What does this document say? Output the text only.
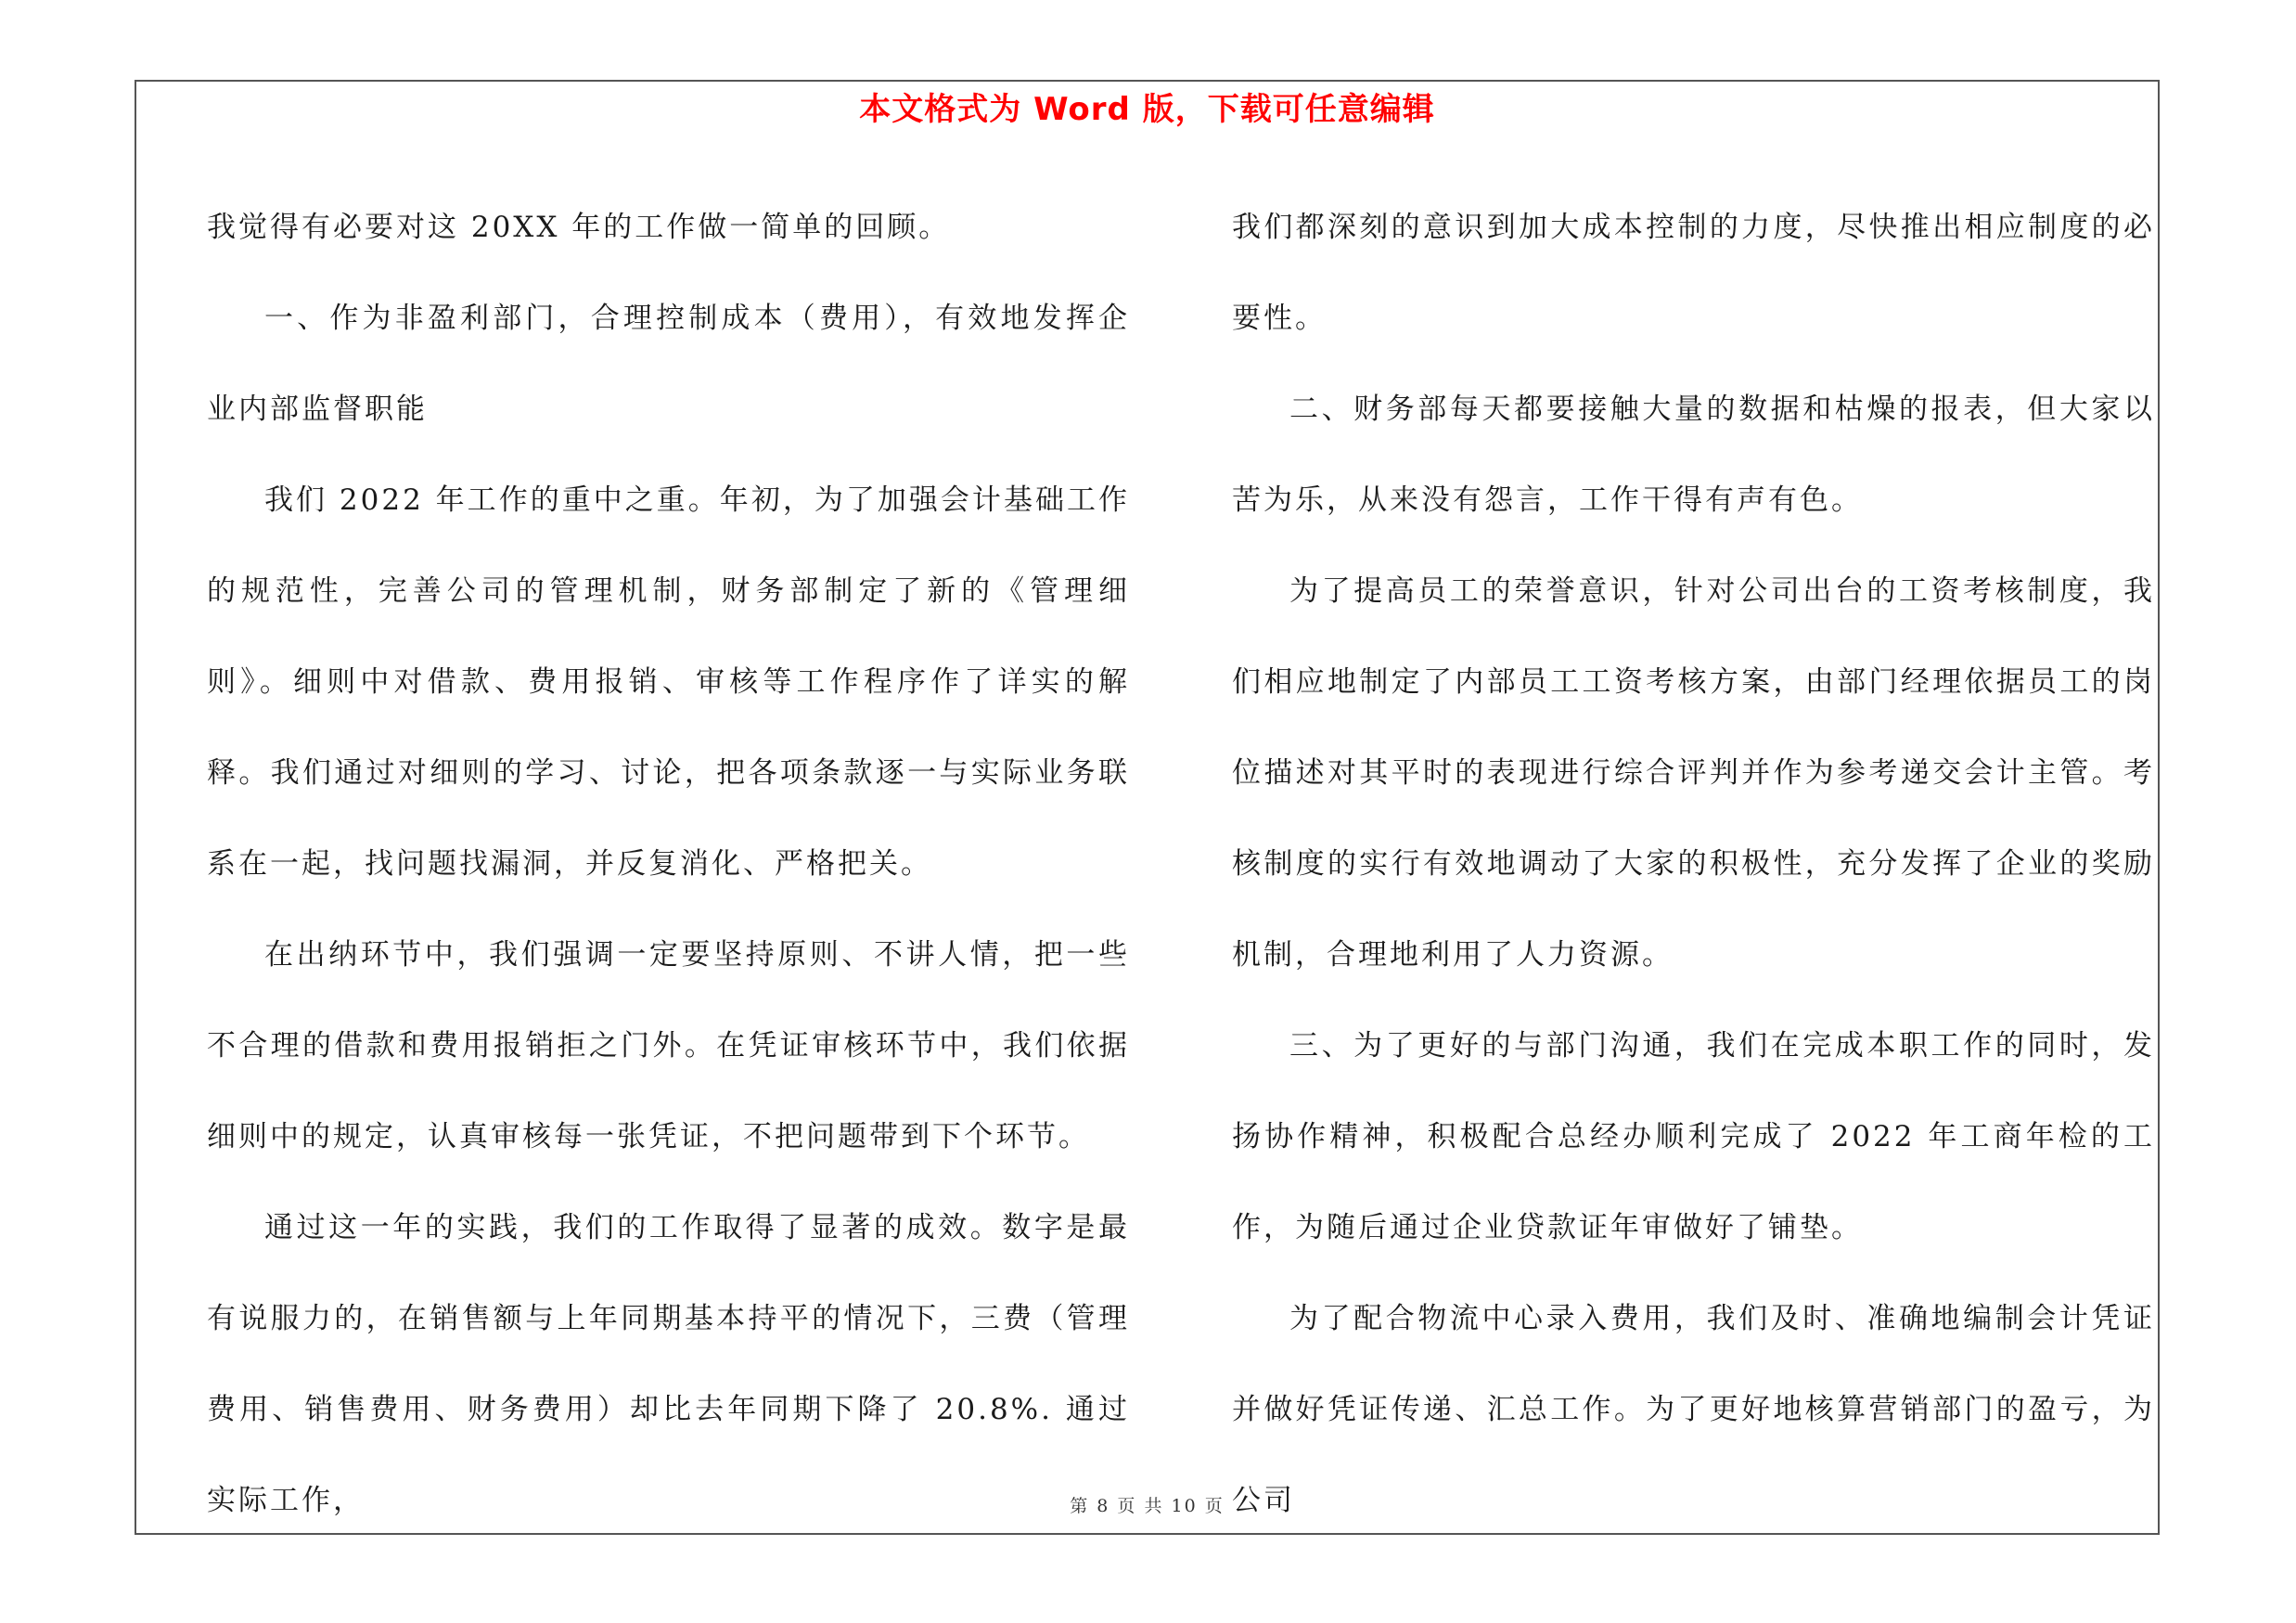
本文格式为 Word 版，下载可任意编辑

我觉得有必要对这 20XX 年的工作做一简单的回顾。

一、作为非盈利部门，合理控制成本（费用），有效地发挥企业内部监督职能

我们 2022 年工作的重中之重。年初，为了加强会计基础工作的规范性，完善公司的管理机制，财务部制定了新的《管理细则》。细则中对借款、费用报销、审核等工作程序作了详实的解释。我们通过对细则的学习、讨论，把各项条款逐一与实际业务联系在一起，找问题找漏洞，并反复消化、严格把关。

在出纳环节中，我们强调一定要坚持原则、不讲人情，把一些不合理的借款和费用报销拒之门外。在凭证审核环节中，我们依据细则中的规定，认真审核每一张凭证，不把问题带到下个环节。

通过这一年的实践，我们的工作取得了显著的成效。数字是最有说服力的，在销售额与上年同期基本持平的情况下，三费（管理费用、销售费用、财务费用）却比去年同期下降了 20.8%. 通过实际工作，

我们都深刻的意识到加大成本控制的力度，尽快推出相应制度的必要性。

二、财务部每天都要接触大量的数据和枯燥的报表，但大家以苦为乐，从来没有怨言，工作干得有声有色。

为了提高员工的荣誉意识，针对公司出台的工资考核制度，我们相应地制定了内部员工工资考核方案，由部门经理依据员工的岗位描述对其平时的表现进行综合评判并作为参考递交会计主管。考核制度的实行有效地调动了大家的积极性，充分发挥了企业的奖励机制，合理地利用了人力资源。

三、为了更好的与部门沟通，我们在完成本职工作的同时，发扬协作精神，积极配合总经办顺利完成了 2022 年工商年检的工作，为随后通过企业贷款证年审做好了铺垫。

为了配合物流中心录入费用，我们及时、准确地编制会计凭证并做好凭证传递、汇总工作。为了更好地核算营销部门的盈亏，为公司

第 8 页 共 10 页
